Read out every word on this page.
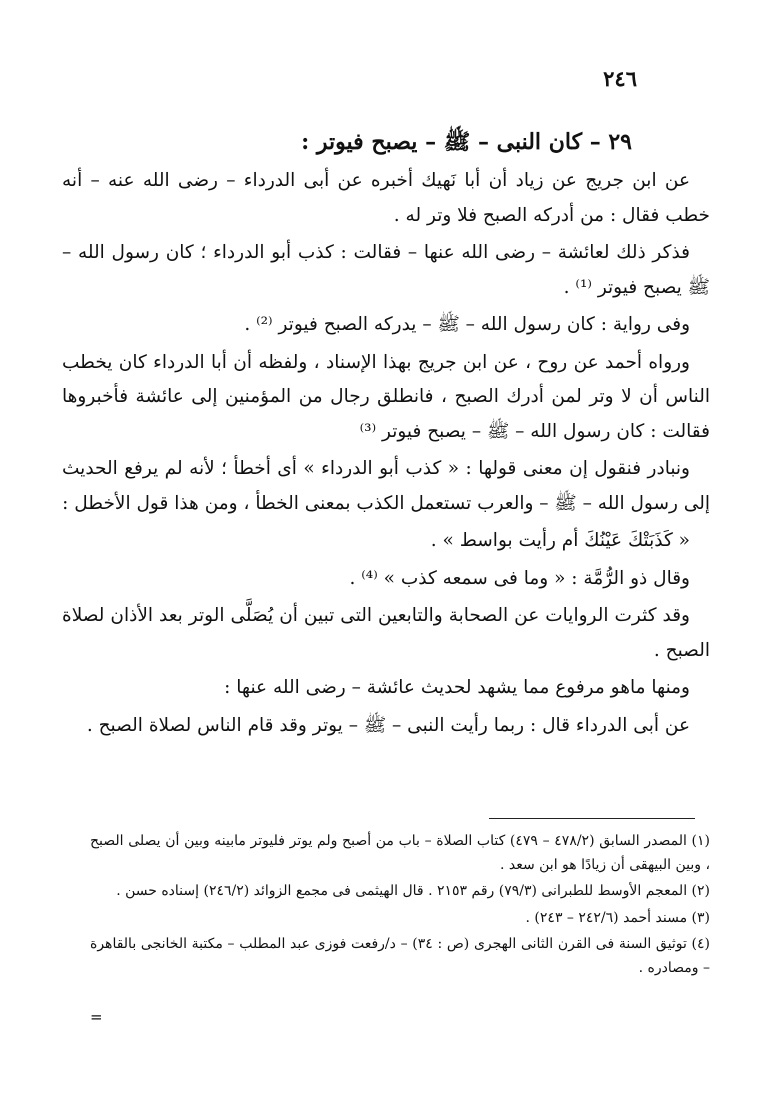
٢٤٦
٢٩ – كان النبى – ﷺ – يصبح فيوتر :

عن ابن جريج عن زياد أن أبا نَهيك أخبره عن أبى الدرداء – رضى الله عنه – أنه خطب فقال : من أدركه الصبح فلا وتر له .

فذكر ذلك لعائشة – رضى الله عنها – فقالت : كذب أبو الدرداء ؛ كان رسول الله – ﷺ يصبح فيوتر ⁽¹⁾ .

وفى رواية : كان رسول الله – ﷺ – يدركه الصبح فيوتر ⁽²⁾ .

ورواه أحمد عن روح ، عن ابن جريج بهذا الإسناد ، ولفظه أن أبا الدرداء كان يخطب الناس أن لا وتر لمن أدرك الصبح ، فانطلق رجال من المؤمنين إلى عائشة فأخبروها فقالت : كان رسول الله – ﷺ – يصبح فيوتر ⁽³⁾

ونبادر فنقول إن معنى قولها : « كذب أبو الدرداء » أى أخطأ ؛ لأنه لم يرفع الحديث إلى رسول الله – ﷺ – والعرب تستعمل الكذب بمعنى الخطأ ، ومن هذا قول الأخطل :

« كَذَبَتْكَ عَيْنُكَ أم رأيت بواسط » .

وقال ذو الرُّمَّة : « وما فى سمعه كذب » ⁽⁴⁾ .

وقد كثرت الروايات عن الصحابة والتابعين التى تبين أن يُصَلَّى الوتر بعد الأذان لصلاة الصبح .

ومنها ماهو مرفوع مما يشهد لحديث عائشة – رضى الله عنها :

عن أبى الدرداء قال : ربما رأيت النبى – ﷺ – يوتر وقد قام الناس لصلاة الصبح .

(١) المصدر السابق (٤٧٨/٢ – ٤٧٩) كتاب الصلاة – باب من أصبح ولم يوتر فليوتر مابينه وبين أن يصلى الصبح ، وبين البيهقى أن زيادًا هو ابن سعد .

(٢) المعجم الأوسط للطبرانى (٧٩/٣) رقم ٢١٥٣ . قال الهيثمى فى مجمع الزوائد (٢٤٦/٢) إسناده حسن .

(٣) مسند أحمد (٢٤٢/٦ – ٢٤٣) .

(٤) توثيق السنة فى القرن الثانى الهجرى (ص : ٣٤) – د/رفعت فوزى عبد المطلب – مكتبة الخانجى بالقاهرة – ومصادره .

=
